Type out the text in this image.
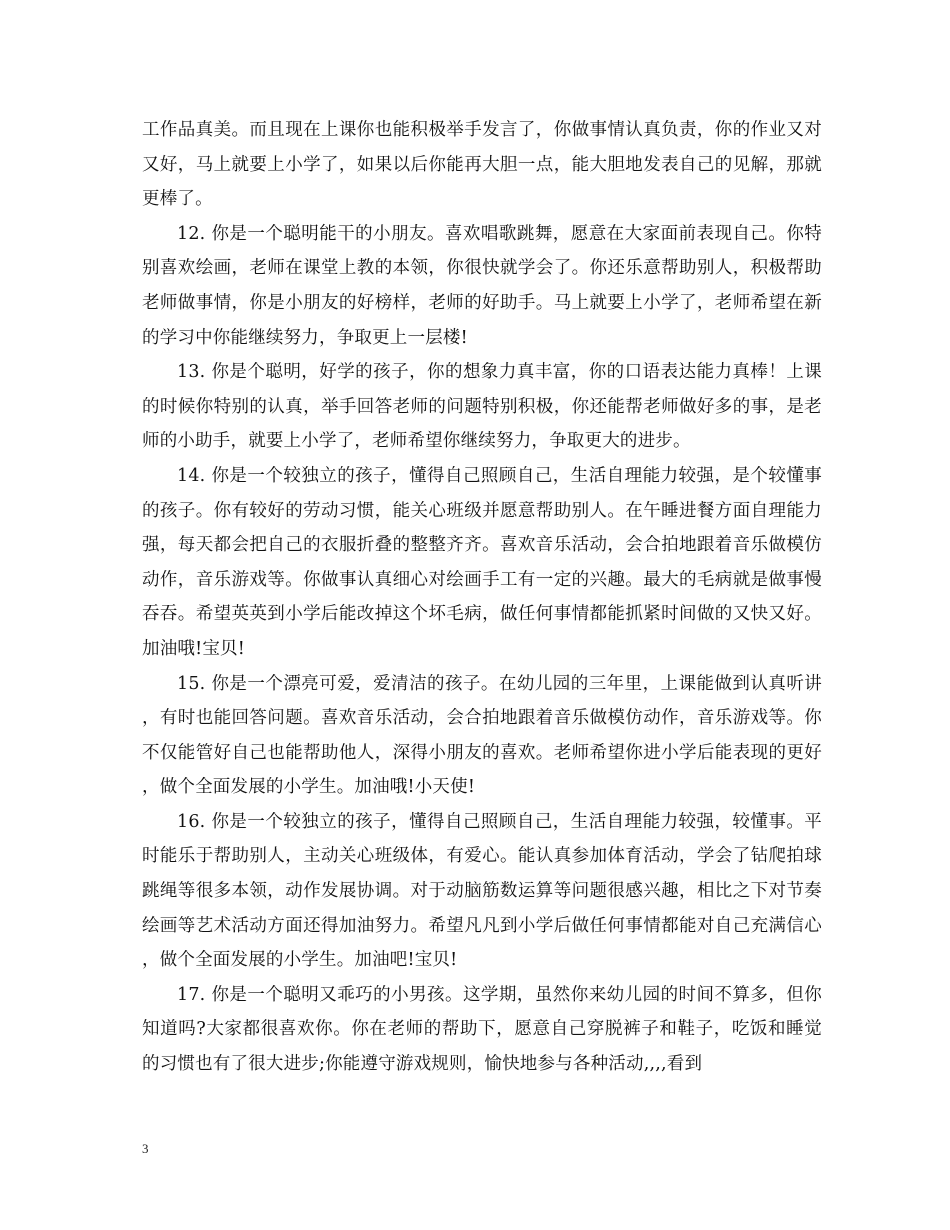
工作品真美。而且现在上课你也能积极举手发言了，你做事情认真负责，你的作业又对又好，马上就要上小学了，如果以后你能再大胆一点，能大胆地发表自己的见解，那就更棒了。

12. 你是一个聪明能干的小朋友。喜欢唱歌跳舞，愿意在大家面前表现自己。你特别喜欢绘画，老师在课堂上教的本领，你很快就学会了。你还乐意帮助别人，积极帮助老师做事情，你是小朋友的好榜样，老师的好助手。马上就要上小学了，老师希望在新的学习中你能继续努力，争取更上一层楼!

13. 你是个聪明，好学的孩子，你的想象力真丰富，你的口语表达能力真棒！上课的时候你特别的认真，举手回答老师的问题特别积极，你还能帮老师做好多的事，是老师的小助手，就要上小学了，老师希望你继续努力，争取更大的进步。

14. 你是一个较独立的孩子，懂得自己照顾自己，生活自理能力较强，是个较懂事的孩子。你有较好的劳动习惯，能关心班级并愿意帮助别人。在午睡进餐方面自理能力强，每天都会把自己的衣服折叠的整整齐齐。喜欢音乐活动，会合拍地跟着音乐做模仿动作，音乐游戏等。你做事认真细心对绘画手工有一定的兴趣。最大的毛病就是做事慢吞吞。希望英英到小学后能改掉这个坏毛病，做任何事情都能抓紧时间做的又快又好。加油哦!宝贝!

15. 你是一个漂亮可爱，爱清洁的孩子。在幼儿园的三年里，上课能做到认真听讲，有时也能回答问题。喜欢音乐活动，会合拍地跟着音乐做模仿动作，音乐游戏等。你不仅能管好自己也能帮助他人，深得小朋友的喜欢。老师希望你进小学后能表现的更好，做个全面发展的小学生。加油哦!小天使!

16. 你是一个较独立的孩子，懂得自己照顾自己，生活自理能力较强，较懂事。平时能乐于帮助别人，主动关心班级体，有爱心。能认真参加体育活动，学会了钻爬拍球跳绳等很多本领，动作发展协调。对于动脑筋数运算等问题很感兴趣，相比之下对节奏绘画等艺术活动方面还得加油努力。希望凡凡到小学后做任何事情都能对自己充满信心，做个全面发展的小学生。加油吧!宝贝!

17. 你是一个聪明又乖巧的小男孩。这学期，虽然你来幼儿园的时间不算多，但你知道吗?大家都很喜欢你。你在老师的帮助下，愿意自己穿脱裤子和鞋子，吃饭和睡觉的习惯也有了很大进步;你能遵守游戏规则，愉快地参与各种活动,,,,看到

3
